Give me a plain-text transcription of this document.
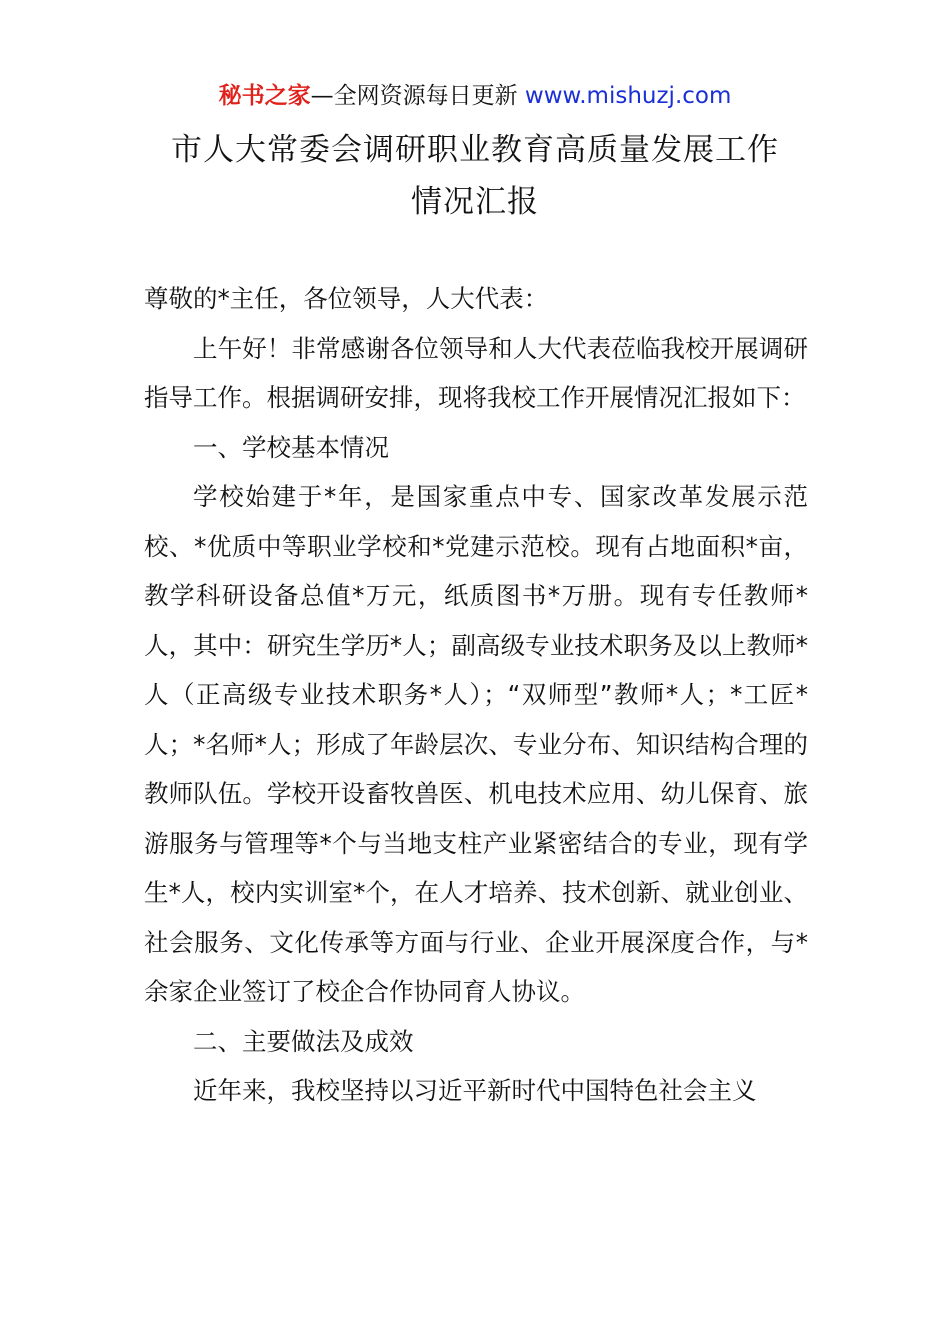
秘书之家—全网资源每日更新 www.mishuzj.com
市人大常委会调研职业教育高质量发展工作
情况汇报

尊敬的*主任，各位领导，人大代表：

上午好！非常感谢各位领导和人大代表莅临我校开展调研指导工作。根据调研安排，现将我校工作开展情况汇报如下：

一、学校基本情况

学校始建于*年，是国家重点中专、国家改革发展示范校、*优质中等职业学校和*党建示范校。现有占地面积*亩，教学科研设备总值*万元，纸质图书*万册。现有专任教师*人，其中：研究生学历*人；副高级专业技术职务及以上教师*人（正高级专业技术职务*人）；“双师型”教师*人；*工匠*人；*名师*人；形成了年龄层次、专业分布、知识结构合理的教师队伍。学校开设畜牧兽医、机电技术应用、幼儿保育、旅游服务与管理等*个与当地支柱产业紧密结合的专业，现有学生*人，校内实训室*个，在人才培养、技术创新、就业创业、社会服务、文化传承等方面与行业、企业开展深度合作，与*余家企业签订了校企合作协同育人协议。

二、主要做法及成效

近年来，我校坚持以习近平新时代中国特色社会主义
